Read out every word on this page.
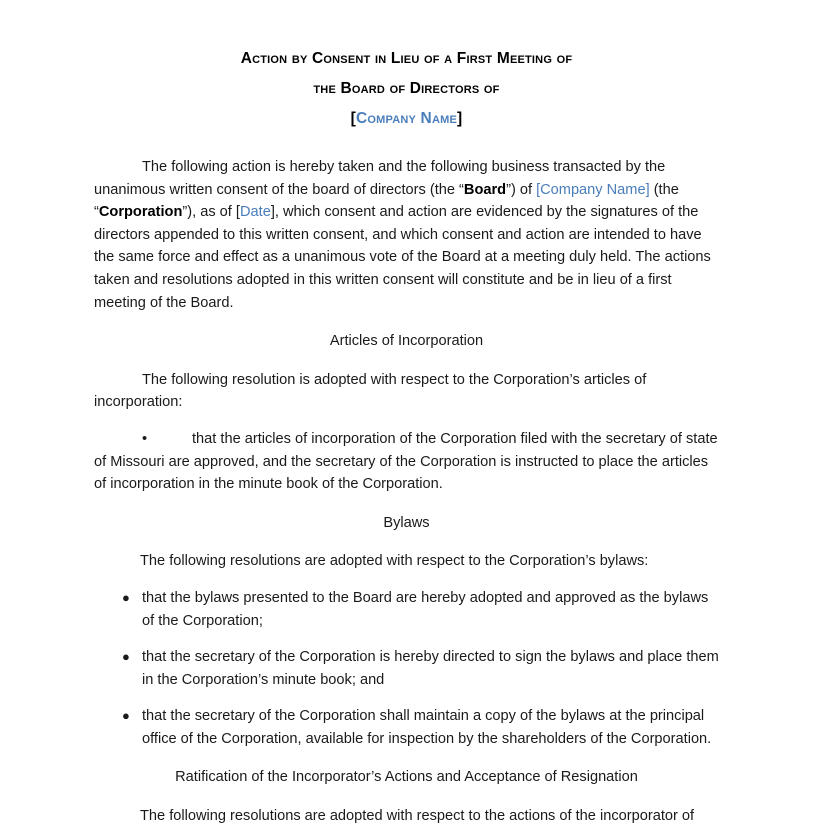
Action by Consent in Lieu of a First Meeting of
the Board of Directors of
[Company Name]

The following action is hereby taken and the following business transacted by the unanimous written consent of the board of directors (the “Board”) of [Company Name] (the “Corporation”), as of [Date], which consent and action are evidenced by the signatures of the directors appended to this written consent, and which consent and action are intended to have the same force and effect as a unanimous vote of the Board at a meeting duly held. The actions taken and resolutions adopted in this written consent will constitute and be in lieu of a first meeting of the Board.

Articles of Incorporation

The following resolution is adopted with respect to the Corporation’s articles of incorporation:

•	that the articles of incorporation of the Corporation filed with the secretary of state of Missouri are approved, and the secretary of the Corporation is instructed to place the articles of incorporation in the minute book of the Corporation.

Bylaws

The following resolutions are adopted with respect to the Corporation’s bylaws:

● that the bylaws presented to the Board are hereby adopted and approved as the bylaws of the Corporation;
● that the secretary of the Corporation is hereby directed to sign the bylaws and place them in the Corporation’s minute book; and
● that the secretary of the Corporation shall maintain a copy of the bylaws at the principal office of the Corporation, available for inspection by the shareholders of the Corporation.
Ratification of the Incorporator’s Actions and Acceptance of Resignation

The following resolutions are adopted with respect to the actions of the incorporator of
